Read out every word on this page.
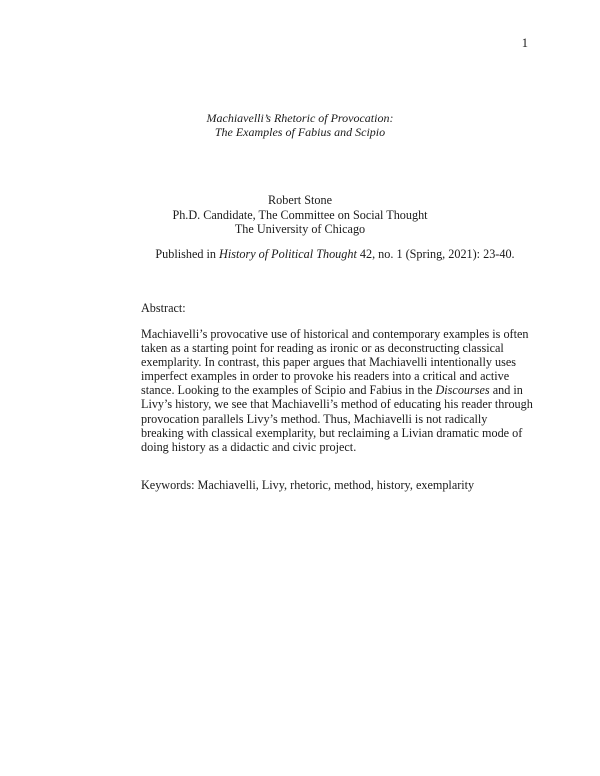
1
Machiavelli’s Rhetoric of Provocation:
The Examples of Fabius and Scipio
Robert Stone
Ph.D. Candidate, The Committee on Social Thought
The University of Chicago
Published in History of Political Thought 42, no. 1 (Spring, 2021): 23-40.
Abstract:
Machiavelli’s provocative use of historical and contemporary examples is often taken as a starting point for reading as ironic or as deconstructing classical exemplarity. In contrast, this paper argues that Machiavelli intentionally uses imperfect examples in order to provoke his readers into a critical and active stance. Looking to the examples of Scipio and Fabius in the Discourses and in Livy’s history, we see that Machiavelli’s method of educating his reader through provocation parallels Livy’s method. Thus, Machiavelli is not radically breaking with classical exemplarity, but reclaiming a Livian dramatic mode of doing history as a didactic and civic project.
Keywords: Machiavelli, Livy, rhetoric, method, history, exemplarity
